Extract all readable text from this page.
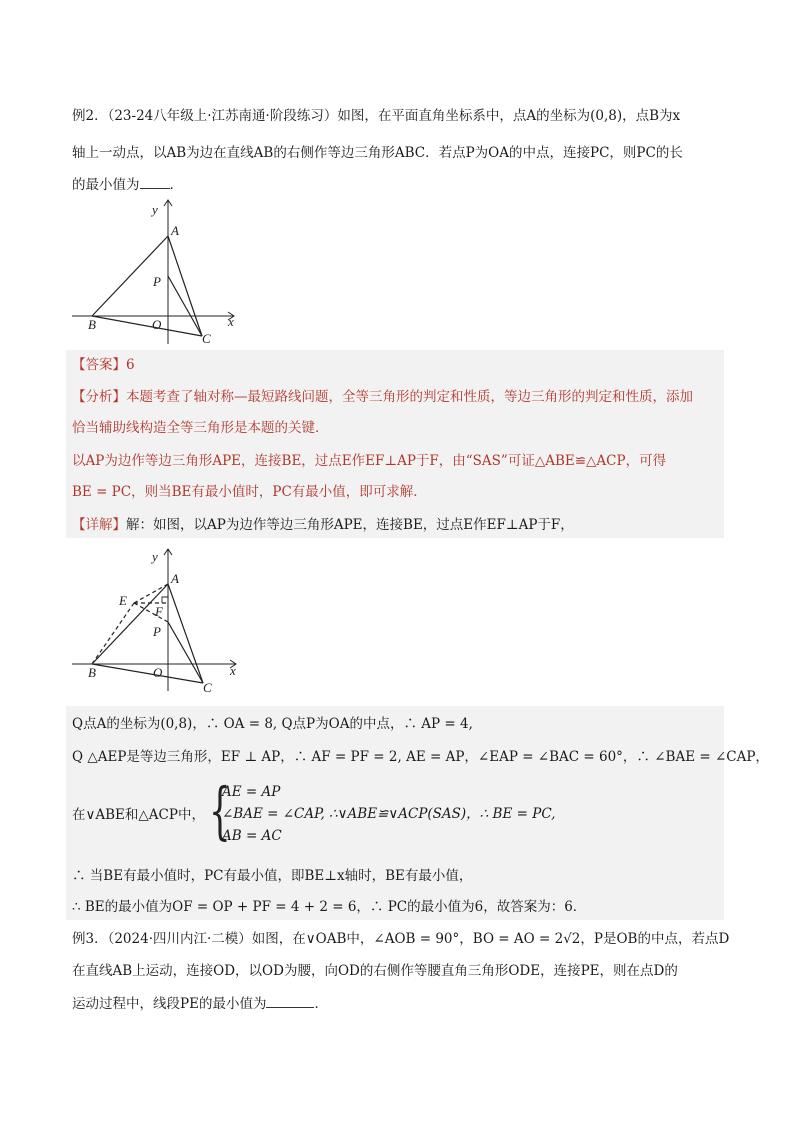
例2．（23-24八年级上·江苏南通·阶段练习）如图，在平面直角坐标系中，点A的坐标为(0,8)，点B为x
轴上一动点，以AB为边在直线AB的右侧作等边三角形ABC．若点P为OA的中点，连接PC，则PC的长
的最小值为 ．
y
A
P
B	O
C
x
【答案】6
【分析】本题考查了轴对称—最短路线问题，全等三角形的判定和性质，等边三角形的判定和性质，添加
恰当辅助线构造全等三角形是本题的关键．
以AP为边作等边三角形APE，连接BE，过点E作EF⊥AP于F，由“SAS”可证△ABE≌△ACP，可得
BE = PC，则当BE有最小值时，PC有最小值，即可求解．
【详解】解：如图，以AP为边作等边三角形APE，连接BE，过点E作EF⊥AP于F，
y
A
E
F
P
B	O
C
x
Q点A的坐标为(0,8)，∴ OA = 8, Q点P为OA的中点，∴ AP = 4,
Q △AEP是等边三角形，EF ⊥ AP，∴ AF = PF = 2, AE = AP，∠EAP = ∠BAC = 60°，∴ ∠BAE = ∠CAP，
在∨ABE和△ACP中， {
AE = AP
∠BAE = ∠CAP, ∴∨ABE≌∨ACP(SAS)，∴ BE = PC,
AB = AC
∴ 当BE有最小值时，PC有最小值，即BE⊥x轴时，BE有最小值，
∴ BE的最小值为OF = OP + PF = 4 + 2 = 6，∴ PC的最小值为6，故答案为：6．
例3．（2024·四川内江·二模）如图，在∨OAB中，∠AOB = 90°，BO = AO = 2√2，P是OB的中点，若点D
在直线AB上运动，连接OD，以OD为腰，向OD的右侧作等腰直角三角形ODE，连接PE，则在点D的
运动过程中，线段PE的最小值为	．
